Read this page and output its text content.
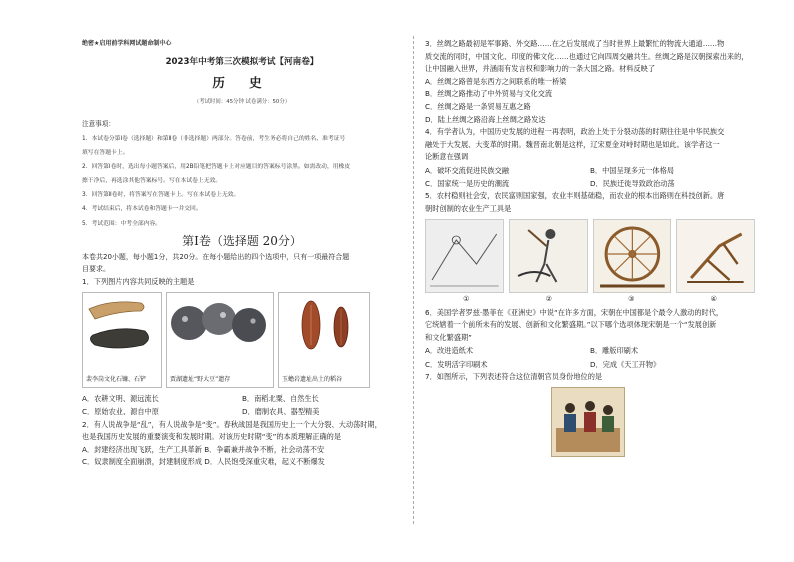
绝密★启用前学科网试题命制中心
2023年中考第三次模拟考试【河南卷】
历 史
（考试时间：45分钟 试卷满分：50分）
注意事项：
1．本试卷分第Ⅰ卷（选择题）和第Ⅱ卷（非选择题）两部分。答卷前，考生务必将自己的姓名、准考证号
填写在答题卡上。
2．回答第Ⅰ卷时，选出每小题答案后，用2B铅笔把答题卡上对应题目的答案标号涂黑。如需改动，用橡皮
擦干净后，再选涂其他答案标号。写在本试卷上无效。
3．回答第Ⅱ卷时，将答案写在答题卡上。写在本试卷上无效。
4．考试结束后，将本试卷和答题卡一并交回。
5．考试范围：中考全部内容。
第Ⅰ卷（选择题 20分）
本卷共20小题，每小题1分，共20分。在每小题给出的四个选项中，只有一项最符合题
目要求。
1．下列图片内容共同反映的主题是
裴李岗文化石镰、石铲	贾湖遗址“野大豆”遗存	玉蟾岩遗址出土的稻谷
A．农耕文明、源远流长	B．南稻北粟、自然生长
C．原始农业、源自中原	D．磨制农具、器型精美
2．有人说战争是“乱”，有人说战争是“变”。春秋战国是我国历史上一个大分裂、大动荡时期，
也是我国历史发展的重要演变和发展时期。对该历史时期“变”的本质理解正确的是
A．封建经济出现飞跃，生产工具革新 B．争霸兼并战争不断，社会动荡不安
C．奴隶制度全面崩溃，封建制度形成 D．人民饱受深重灾难，起义不断爆发
3．丝绸之路最初是军事路、外交路……在之后发展成了当时世界上最繁忙的物流大通道……物
质交流的同时，中国文化、印度的佛文化……也通过它向四周交融共生。丝绸之路是汉朝探索出来的，
让中国融入世界，并涵雨有发言权和影响力的一条大国之路。材料反映了
A．丝绸之路曾是东西方之间联系的唯一桥梁
B．丝绸之路推动了中外贸易与文化交流
C．丝绸之路是一条贸易互惠之路
D．陆上丝绸之路沿海上丝绸之路发达
4．有学者认为，中国历史发展的进程一再表明，政治上处于分裂动荡的时期往往是中华民族交
融处于大发展、大变革的时期。魏晋南北朝是这样，辽宋夏金对峙时期也是如此。该学者这一
论断意在强调
A．破坏交流促进民族交融	B．中国呈现多元一体格局
C．国家统一是历史的潮流	D．民族迁徙导致政治动荡
5．农村稳则社会安，农民富则国家强，农业丰则基础稳，而农业的根本出路则在科技创新。唐
朝时创制的农业生产工具是
①	②	③	④
6．美国学者罗兹·墨菲在《亚洲史》中说“在许多方面，宋朝在中国都是个最令人激动的时代，
它统辖着一个前所未有的发展、创新和文化繁盛期。”以下哪个选项体现宋朝是一个“发展创新
和文化繁盛期”
A．改进造纸术	B．雕版印刷术
C．发明活字印刷术	D．完成《天工开物》
7．如图所示，下列表述符合这位清朝官员身份地位的是
